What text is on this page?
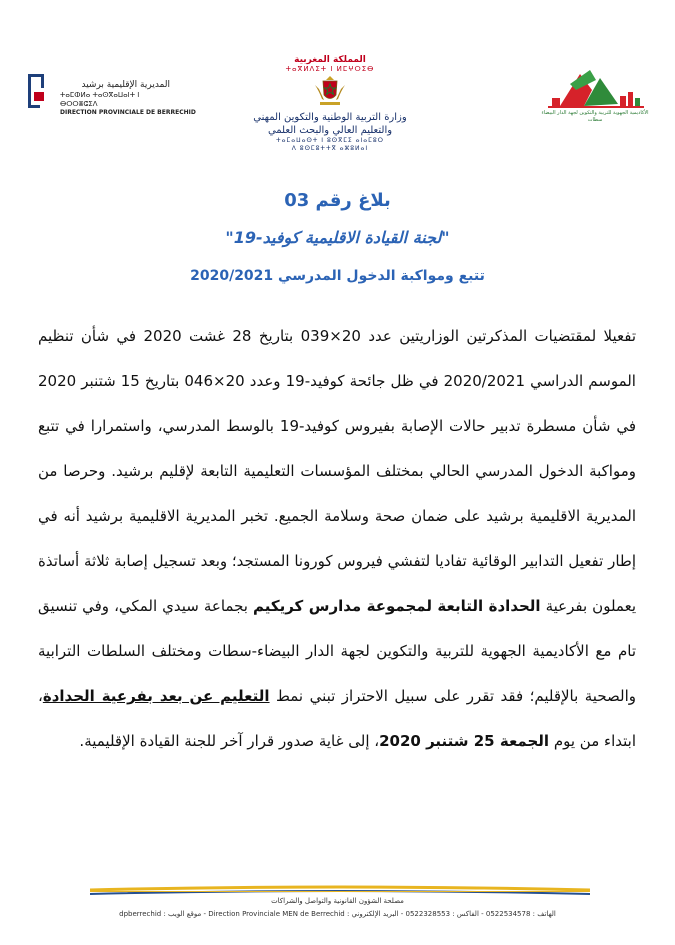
المديرية الإقليمية برشيد
ⵜⴰⵎⵀⵍⴰ ⵜⴰⵙⴳⴰⵡⴰⵏⵜ ⵏ ⴱⵔⵔⴻⵛⵉⴷ
DIRECTION PROVINCIALE DE BERRECHID
المملكة المغربية
ⵜⴰⴳⵍⴷⵉⵜ ⵏ ⵍⵎⵖⵔⵉⴱ
وزارة التربية الوطنية والتكوين المهني
والتعليم العالي والبحث العلمي
ⵜⴰⵎⴰⵡⴰⵙⵜ ⵏ ⵓⵙⴳⵎⵉ ⴰⵏⴰⵎⵓⵔ
ⴷ ⵓⵙⵎⵓⵜⵜⴳ ⴰⵣⵓⵍⴰⵏ
الأكاديمية الجهوية للتربية والتكوين لجهة الدار البيضاء سطات
بلاغ رقم 03
"لجنة القيادة الاقليمية كوفيد-19"
تتبع ومواكبة الدخول المدرسي 2020/2021

تفعيلا لمقتضيات المذكرتين الوزاريتين عدد 20×039 بتاريخ 28 غشت 2020 في شأن تنظيم الموسم الدراسي 2020/2021 في ظل جائحة كوفيد-19 وعدد 20×046 بتاريخ 15 شتنبر 2020 في شأن مسطرة تدبير حالات الإصابة بفيروس كوفيد-19 بالوسط المدرسي، واستمرارا في تتبع ومواكبة الدخول المدرسي الحالي بمختلف المؤسسات التعليمية التابعة لإقليم برشيد. وحرصا من المديرية الاقليمية برشيد على ضمان صحة وسلامة الجميع. تخبر المديرية الاقليمية برشيد أنه في إطار تفعيل التدابير الوقائية تفاديا لتفشي فيروس كورونا المستجد؛ وبعد تسجيل إصابة ثلاثة أساتذة يعملون بفرعية الحدادة التابعة لمجموعة مدارس كريكيم بجماعة سيدي المكي، وفي تنسيق تام مع الأكاديمية الجهوية للتربية والتكوين لجهة الدار البيضاء-سطات ومختلف السلطات الترابية والصحية بالإقليم؛ فقد تقرر على سبيل الاحتراز تبني نمط التعليم عن بعد بفرعية الحدادة، ابتداء من يوم الجمعة 25 شتنبر 2020، إلى غاية صدور قرار آخر للجنة القيادة الإقليمية.

مصلحة الشؤون القانونية والتواصل والشراكات
الهاتف : 0522534578 - الفاكس : 0522328553 - البريد الإلكتروني : Direction Provinciale MEN de Berrechid - موقع الويب : dpberrechid
